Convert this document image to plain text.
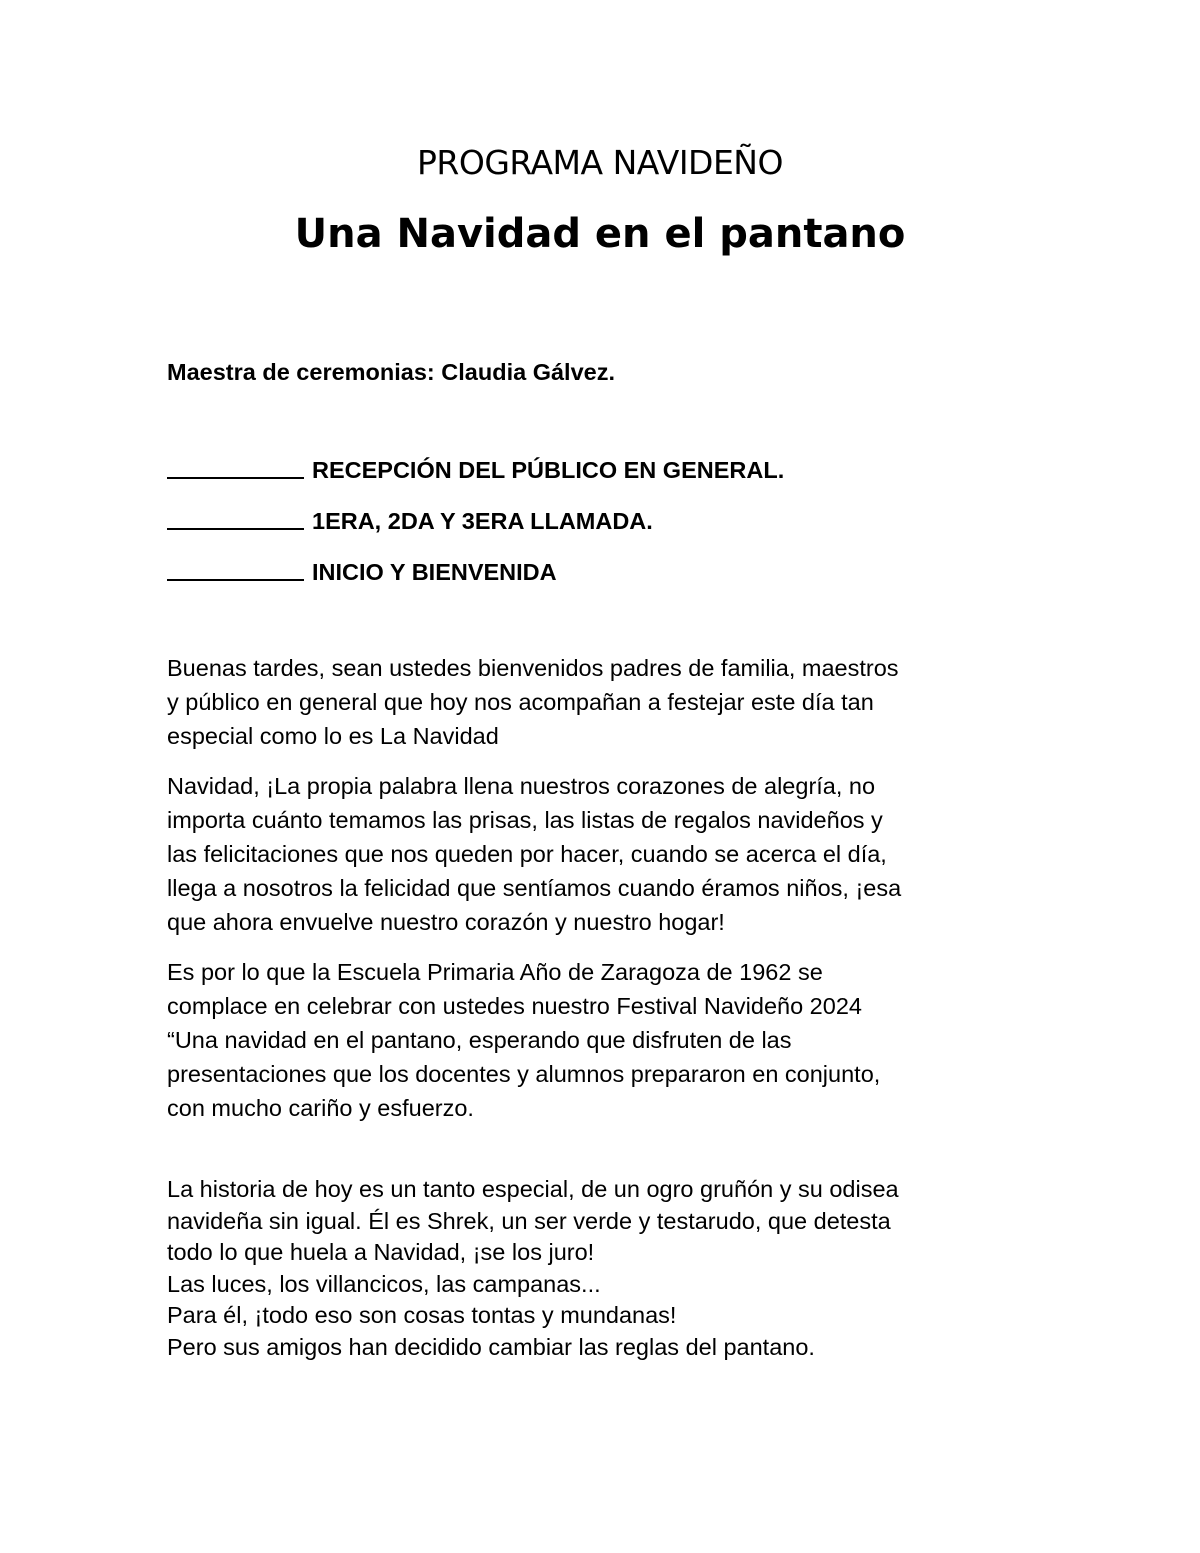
PROGRAMA NAVIDEÑO
Una Navidad en el pantano
Maestra de ceremonias: Claudia Gálvez.
RECEPCIÓN DEL PÚBLICO EN GENERAL.
1ERA, 2DA Y 3ERA LLAMADA.
INICIO Y BIENVENIDA

Buenas tardes, sean ustedes bienvenidos padres de familia, maestros
y público en general que hoy nos acompañan a festejar este día tan
especial como lo es La Navidad

Navidad, ¡La propia palabra llena nuestros corazones de alegría, no
importa cuánto temamos las prisas, las listas de regalos navideños y
las felicitaciones que nos queden por hacer, cuando se acerca el día,
llega a nosotros la felicidad que sentíamos cuando éramos niños, ¡esa
que ahora envuelve nuestro corazón y nuestro hogar!

Es por lo que la Escuela Primaria Año de Zaragoza de 1962 se
complace en celebrar con ustedes nuestro Festival Navideño 2024
“Una navidad en el pantano, esperando que disfruten de las
presentaciones que los docentes y alumnos prepararon en conjunto,
con mucho cariño y esfuerzo.

La historia de hoy es un tanto especial, de un ogro gruñón y su odisea
navideña sin igual. Él es Shrek, un ser verde y testarudo, que detesta
todo lo que huela a Navidad, ¡se los juro!
Las luces, los villancicos, las campanas...
Para él, ¡todo eso son cosas tontas y mundanas!
Pero sus amigos han decidido cambiar las reglas del pantano.
